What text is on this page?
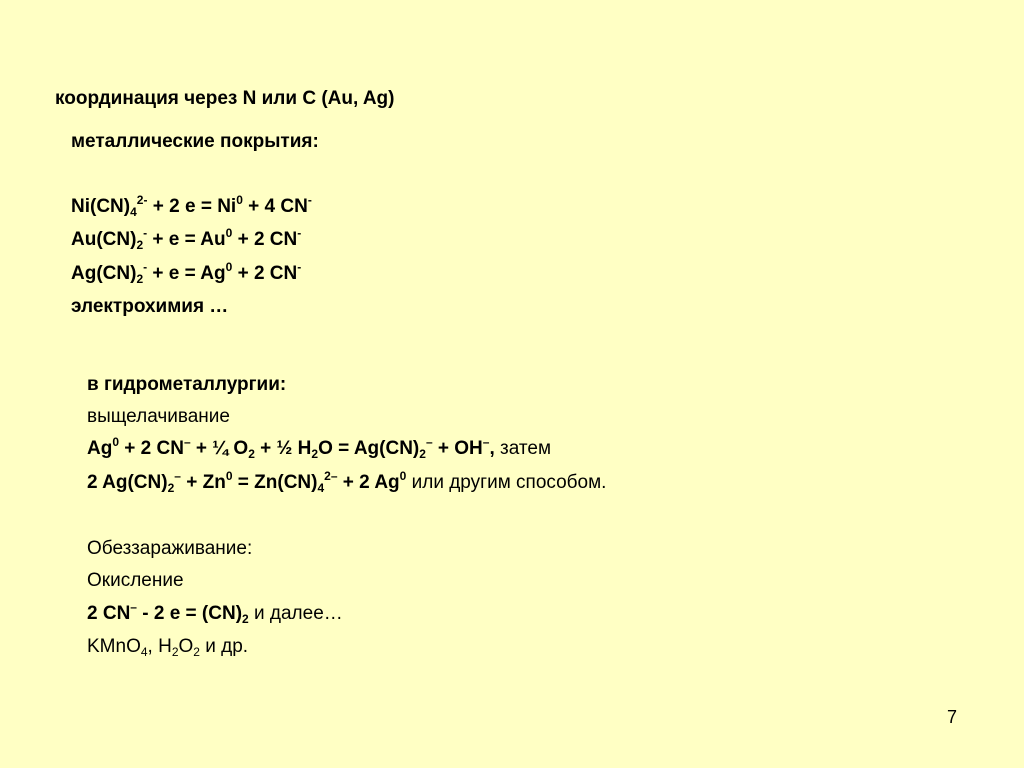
координация через N или C (Au, Ag)
металлические покрытия:
$Ni(CN)_4^{2-} + 2$ $e = Ni^0 + 4$ CN-
$Au(CN)_2^- + e = Au^0 + 2$ CN-
$Ag(CN)_2^- + e = Ag^0 + 2$ CN-
электрохимия …
в гидрометаллургии:
выщелачивание
$Ag^0 + 2$ CN– + ¼ $O_2$ + ½ $H_2O = Ag(CN)_2^- + OH^-$, затем
2 $Ag(CN)_2^- + Zn^0 = Zn(CN)_4^{2-} + 2$ Ag$^0$ или другим способом.
Обеззараживание:
Окисление
2 CN– - 2 $e = (CN)_2$ и далее…
KMnO$_4$, $H_2O_2$ и др.
7
